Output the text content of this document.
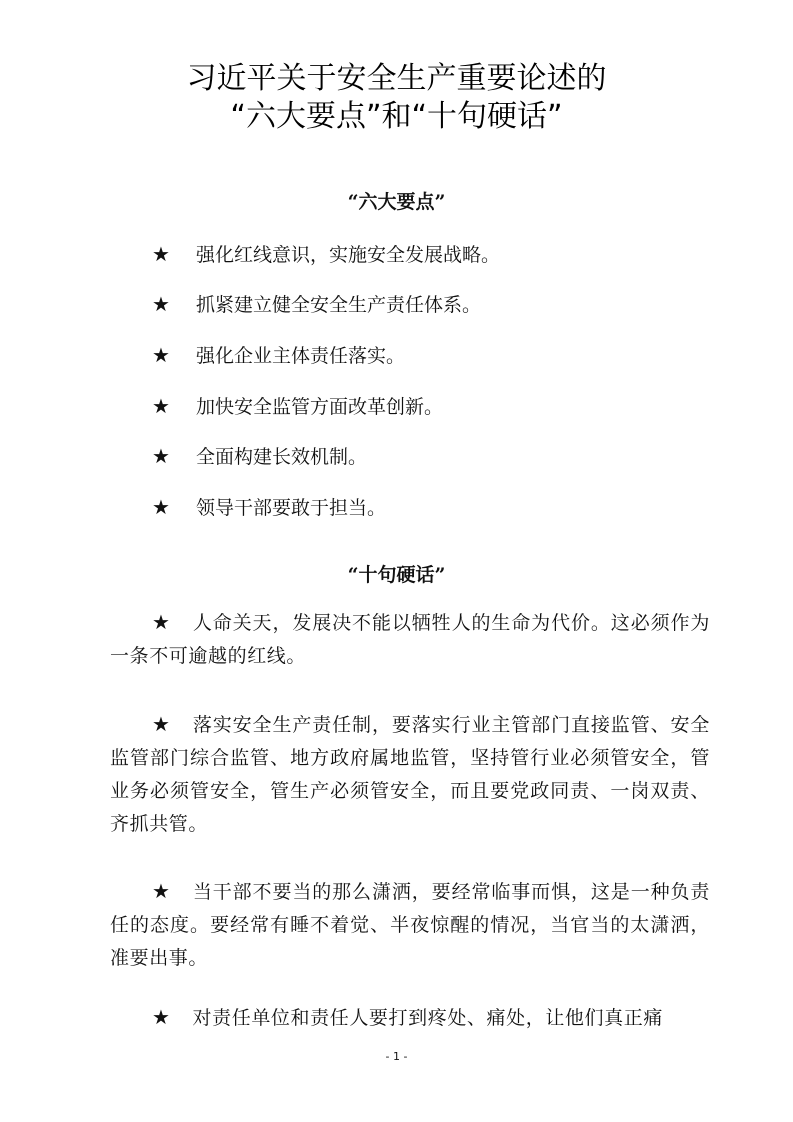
习近平关于安全生产重要论述的
“六大要点”和“十句硬话”
“六大要点”
★ 强化红线意识，实施安全发展战略。
★ 抓紧建立健全安全生产责任体系。
★ 强化企业主体责任落实。
★ 加快安全监管方面改革创新。
★ 全面构建长效机制。
★ 领导干部要敢于担当。
“十句硬话”

★ 人命关天，发展决不能以牺牲人的生命为代价。这必须作为一条不可逾越的红线。

★ 落实安全生产责任制，要落实行业主管部门直接监管、安全监管部门综合监管、地方政府属地监管，坚持管行业必须管安全，管业务必须管安全，管生产必须管安全，而且要党政同责、一岗双责、齐抓共管。

★ 当干部不要当的那么潇洒，要经常临事而惧，这是一种负责任的态度。要经常有睡不着觉、半夜惊醒的情况，当官当的太潇洒，准要出事。

★ 对责任单位和责任人要打到疼处、痛处，让他们真正痛

- 1 -
